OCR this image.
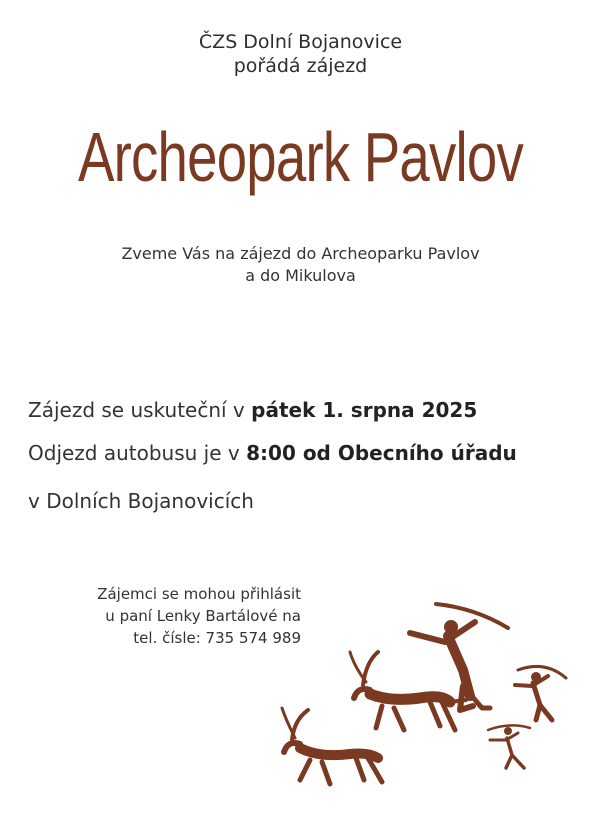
ČZS Dolní Bojanovice
pořádá zájezd
Archeopark Pavlov
Zveme Vás na zájezd do Archeoparku Pavlov
a do Mikulova
Zájezd se uskuteční v pátek 1. srpna 2025
Odjezd autobusu je v 8:00 od Obecního úřadu
v Dolních Bojanovicích
Zájemci se mohou přihlásit
u paní Lenky Bartálové na
tel. čísle: 735 574 989
